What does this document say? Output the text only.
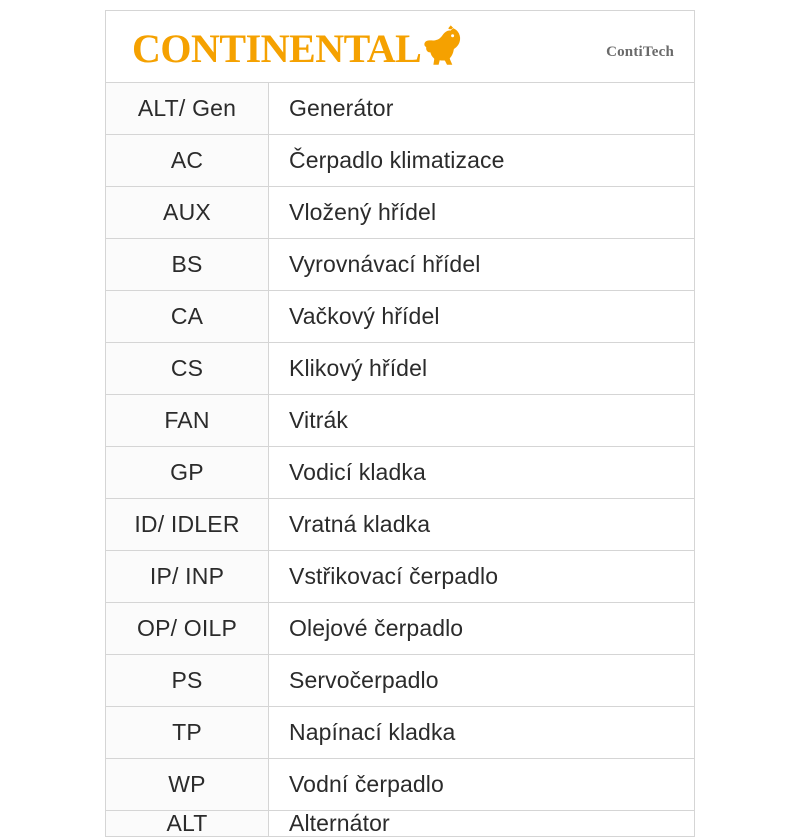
CONTINENTAL	ContiTech
ALT/ Gen	Generátor
AC	Čerpadlo klimatizace
AUX	Vložený hřídel
BS	Vyrovnávací hřídel
CA	Vačkový hřídel
CS	Klikový hřídel
FAN	Vitrák
GP	Vodicí kladka
ID/ IDLER	Vratná kladka
IP/ INP	Vstřikovací čerpadlo
OP/ OILP	Olejové čerpadlo
PS	Servočerpadlo
TP	Napínací kladka
WP	Vodní čerpadlo
ALT	Alternátor
